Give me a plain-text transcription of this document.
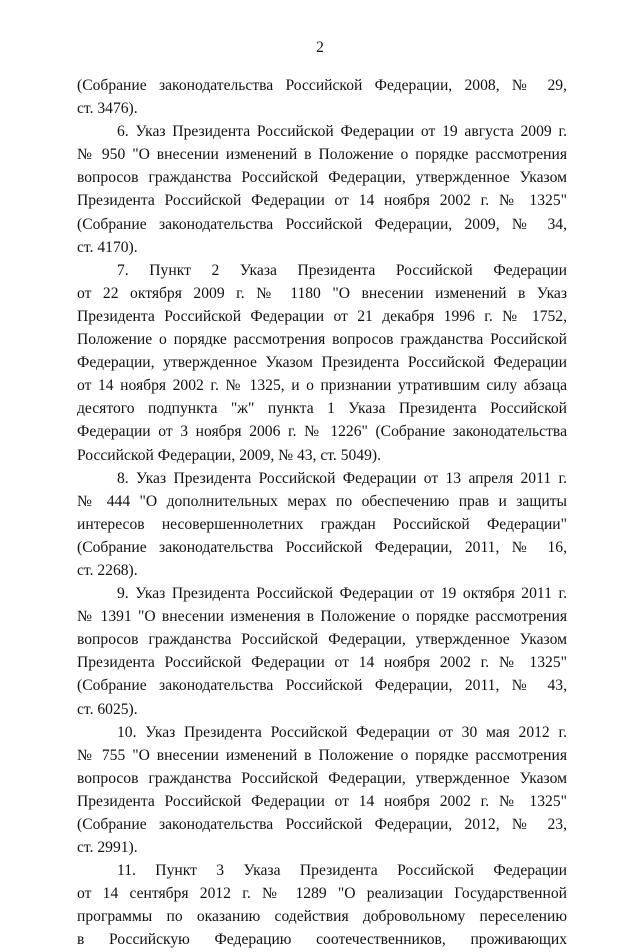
2
(Собрание законодательства Российской Федерации, 2008, № 29,
ст. 3476).
6. Указ Президента Российской Федерации от 19 августа 2009 г.
№ 950 "О внесении изменений в Положение о порядке рассмотрения
вопросов гражданства Российской Федерации, утвержденное Указом
Президента Российской Федерации от 14 ноября 2002 г. № 1325"
(Собрание законодательства Российской Федерации, 2009, № 34,
ст. 4170).
7. Пункт 2 Указа Президента Российской Федерации
от 22 октября 2009 г. № 1180 "О внесении изменений в Указ
Президента Российской Федерации от 21 декабря 1996 г. № 1752,
Положение о порядке рассмотрения вопросов гражданства Российской
Федерации, утвержденное Указом Президента Российской Федерации
от 14 ноября 2002 г. № 1325, и о признании утратившим силу абзаца
десятого подпункта "ж" пункта 1 Указа Президента Российской
Федерации от 3 ноября 2006 г. № 1226" (Собрание законодательства
Российской Федерации, 2009, № 43, ст. 5049).
8. Указ Президента Российской Федерации от 13 апреля 2011 г.
№ 444 "О дополнительных мерах по обеспечению прав и защиты
интересов несовершеннолетних граждан Российской Федерации"
(Собрание законодательства Российской Федерации, 2011, № 16,
ст. 2268).
9. Указ Президента Российской Федерации от 19 октября 2011 г.
№ 1391 "О внесении изменения в Положение о порядке рассмотрения
вопросов гражданства Российской Федерации, утвержденное Указом
Президента Российской Федерации от 14 ноября 2002 г. № 1325"
(Собрание законодательства Российской Федерации, 2011, № 43,
ст. 6025).
10. Указ Президента Российской Федерации от 30 мая 2012 г.
№ 755 "О внесении изменений в Положение о порядке рассмотрения
вопросов гражданства Российской Федерации, утвержденное Указом
Президента Российской Федерации от 14 ноября 2002 г. № 1325"
(Собрание законодательства Российской Федерации, 2012, № 23,
ст. 2991).
11. Пункт 3 Указа Президента Российской Федерации
от 14 сентября 2012 г. № 1289 "О реализации Государственной
программы по оказанию содействия добровольному переселению
в Российскую Федерацию соотечественников, проживающих
